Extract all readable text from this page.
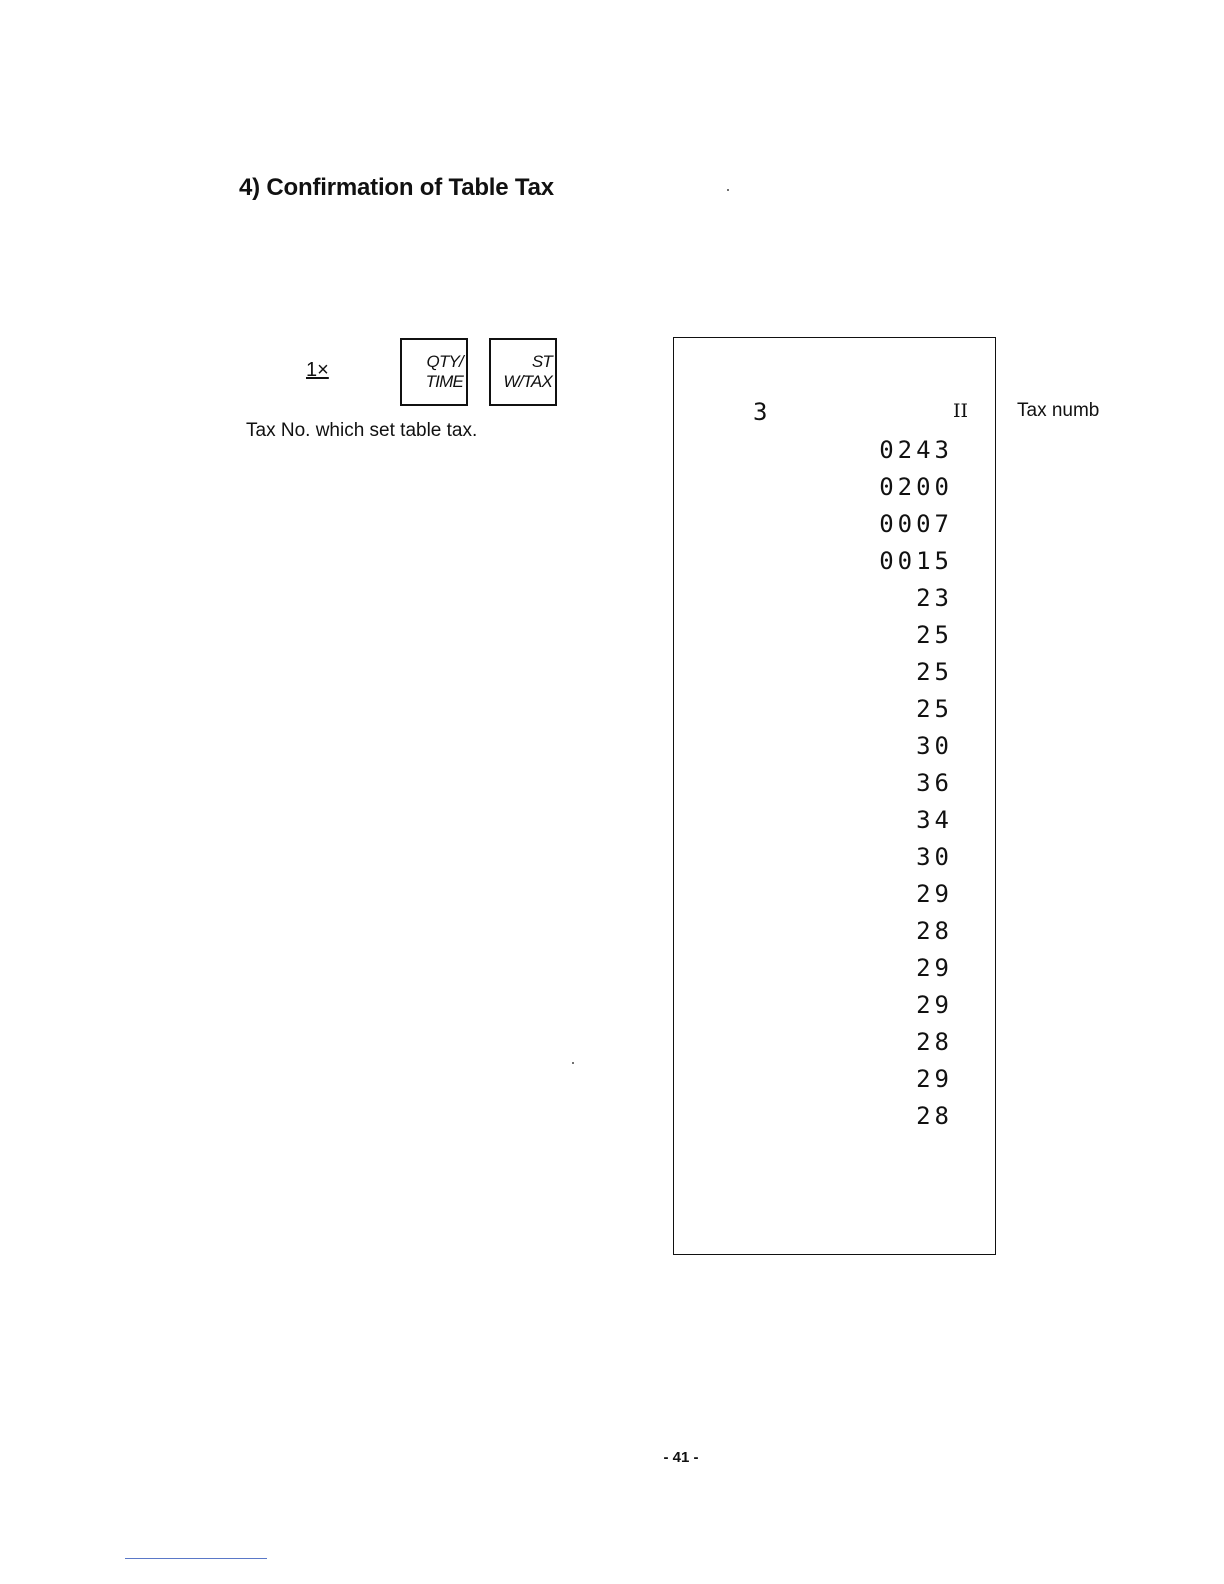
4) Confirmation of Table Tax
1×	QTY/
TIME
ST
W/TAX
Tax No. which set table tax.
3	II
0243
0200
0007
0015
23
25
25
25
30
36
34
30
29
28
29
29
28
29
28
Tax numb
- 41 -
